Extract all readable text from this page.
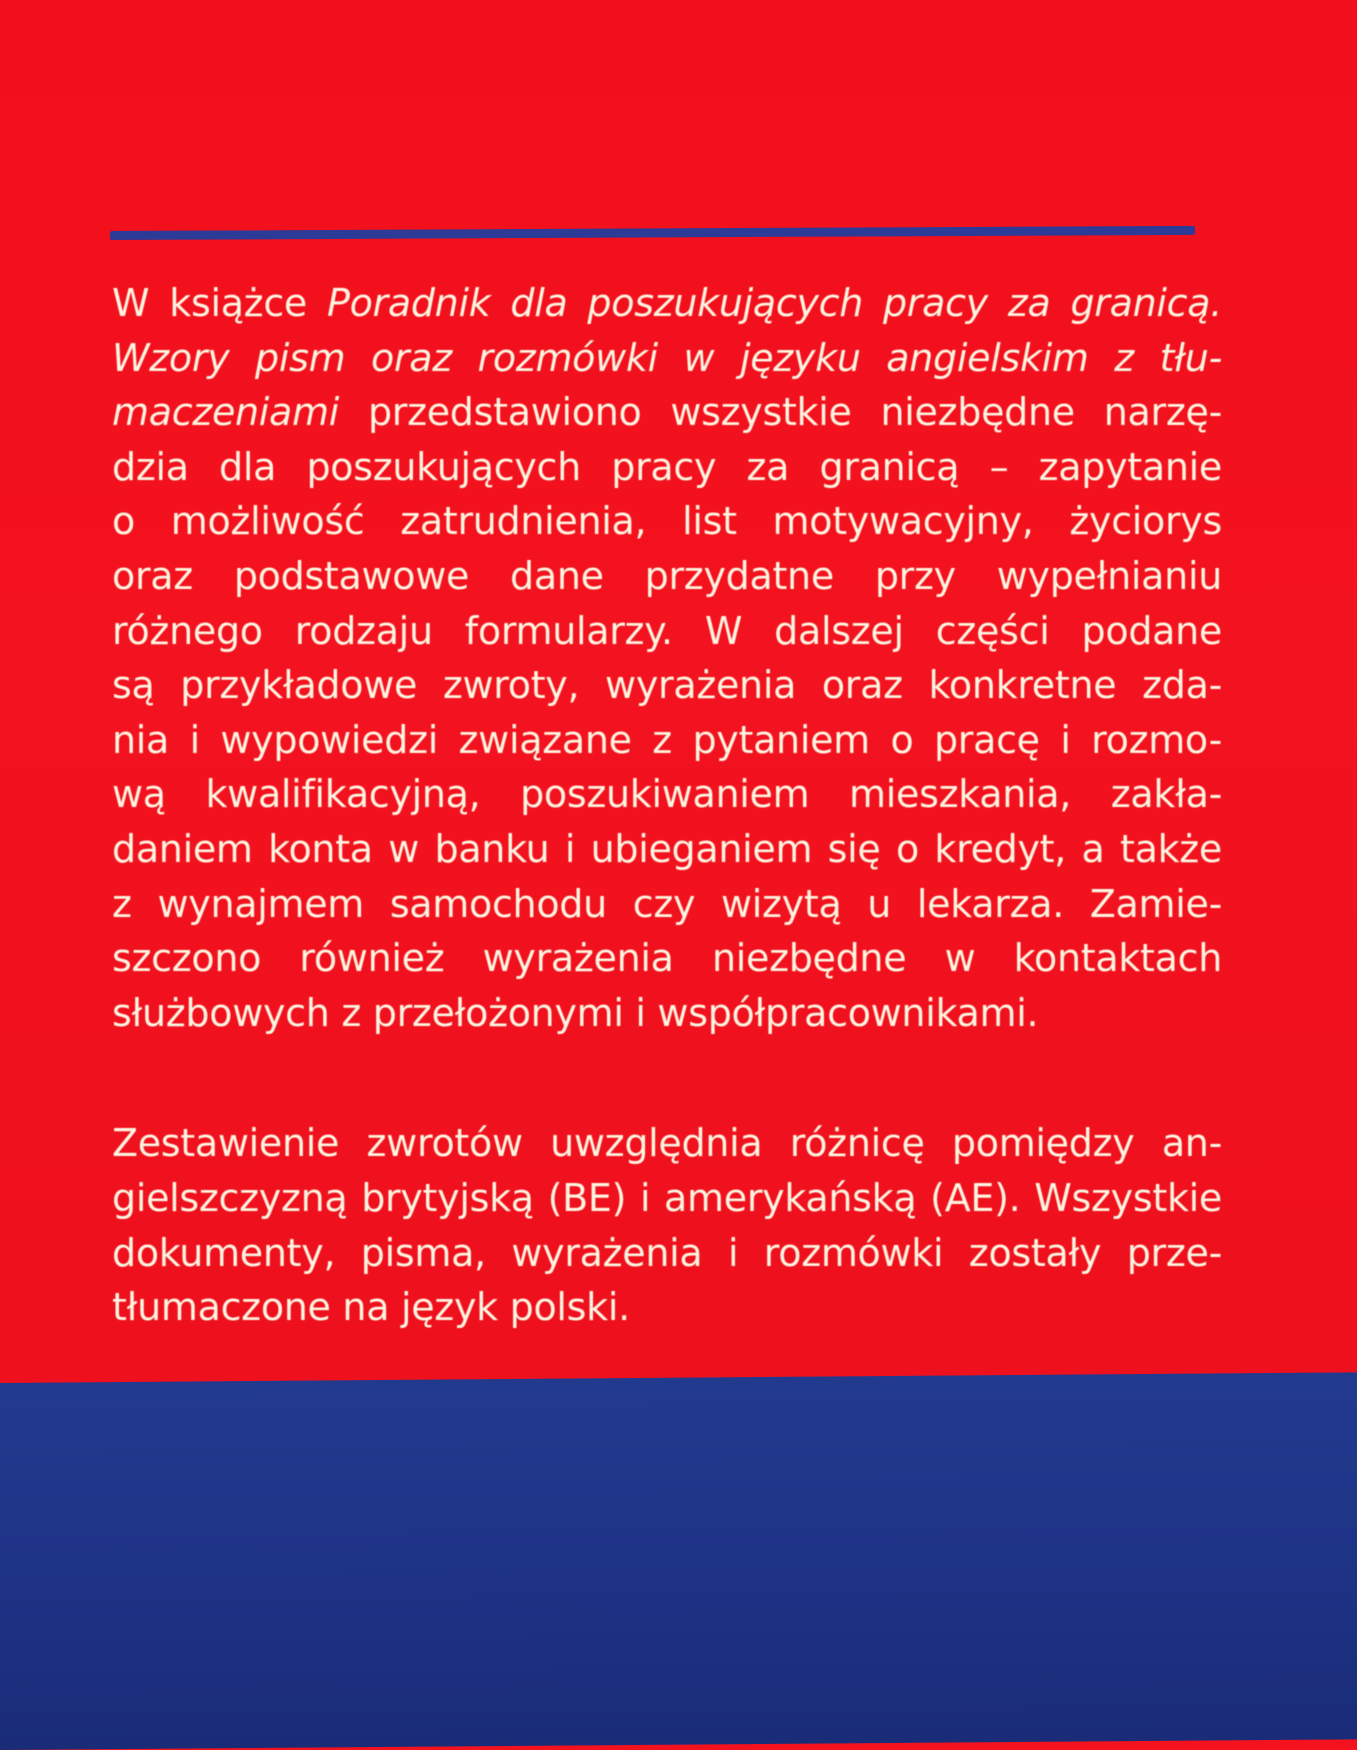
W książce Poradnik dla poszukujących pracy za granicą.
Wzory pism oraz rozmówki w języku angielskim z tłu-
maczeniami przedstawiono wszystkie niezbędne narzę-
dzia dla poszukujących pracy za granicą – zapytanie
o możliwość zatrudnienia, list motywacyjny, życiorys
oraz podstawowe dane przydatne przy wypełnianiu
różnego rodzaju formularzy. W dalszej części podane
są przykładowe zwroty, wyrażenia oraz konkretne zda-
nia i wypowiedzi związane z pytaniem o pracę i rozmo-
wą kwalifikacyjną, poszukiwaniem mieszkania, zakła-
daniem konta w banku i ubieganiem się o kredyt, a także
z wynajmem samochodu czy wizytą u lekarza. Zamie-
szczono również wyrażenia niezbędne w kontaktach
służbowych z przełożonymi i współpracownikami.

Zestawienie zwrotów uwzględnia różnicę pomiędzy an-
gielszczyzną brytyjską (BE) i amerykańską (AE). Wszystkie
dokumenty, pisma, wyrażenia i rozmówki zostały prze-
tłumaczone na język polski.
